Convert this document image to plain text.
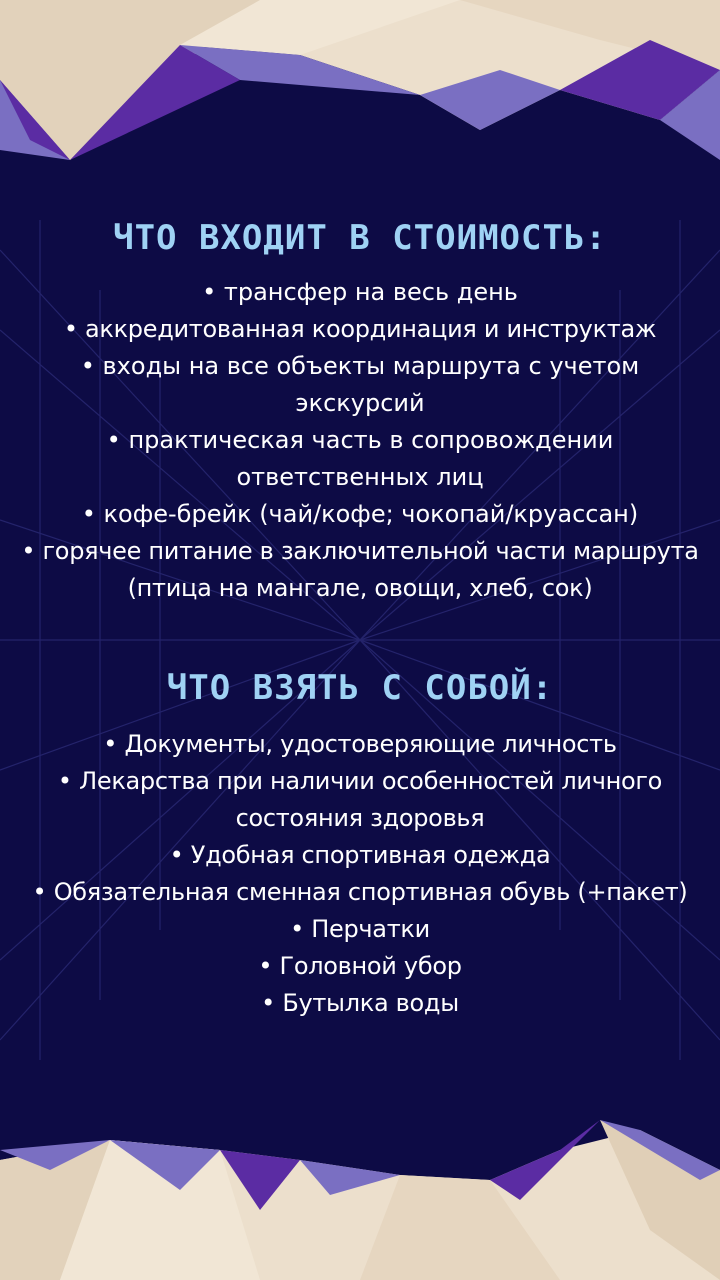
ЧТО ВХОДИТ В СТОИМОСТЬ:
• трансфер на весь день
• аккредитованная координация и инструктаж
• входы на все объекты маршрута с учетом экскурсий
• практическая часть в сопровождении ответственных лиц
• кофе-брейк (чай/кофе; чокопай/круассан)
• горячее питание в заключительной части маршрута (птица на мангале, овощи, хлеб, сок)
ЧТО ВЗЯТЬ С СОБОЙ:
• Документы, удостоверяющие личность
• Лекарства при наличии особенностей личного состояния здоровья
• Удобная спортивная одежда
• Обязательная сменная спортивная обувь (+пакет)
• Перчатки
• Головной убор
• Бутылка воды
